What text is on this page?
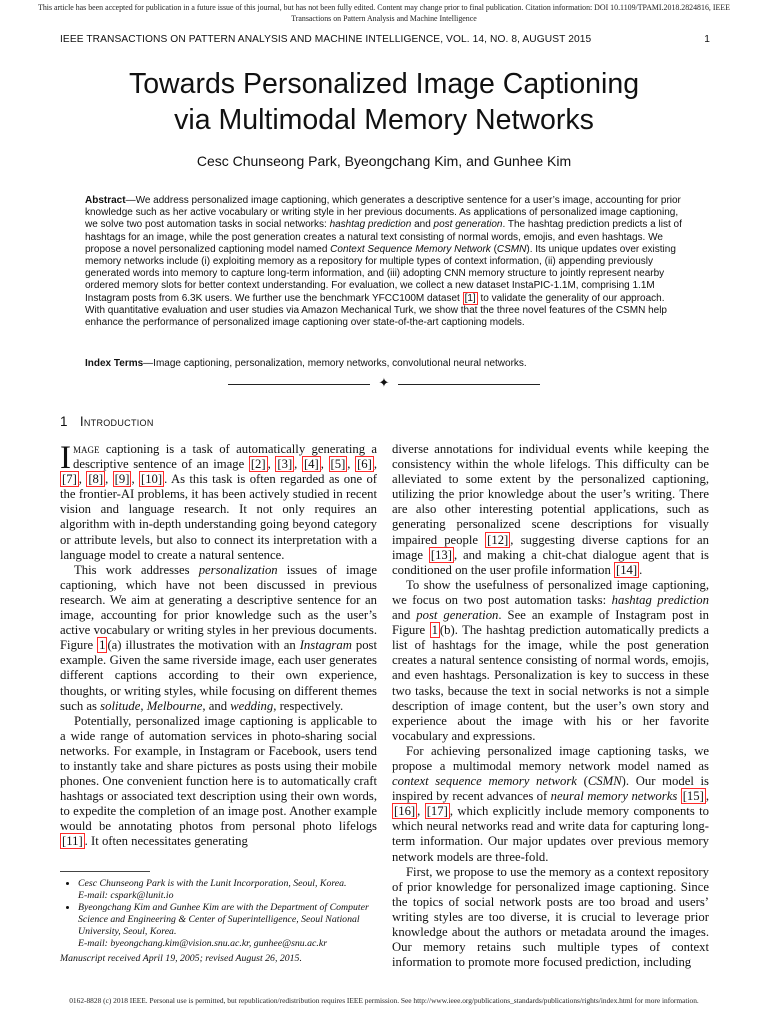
This article has been accepted for publication in a future issue of this journal, but has not been fully edited. Content may change prior to final publication. Citation information: DOI 10.1109/TPAMI.2018.2824816, IEEE
Transactions on Pattern Analysis and Machine Intelligence
IEEE TRANSACTIONS ON PATTERN ANALYSIS AND MACHINE INTELLIGENCE, VOL. 14, NO. 8, AUGUST 2015	1
Towards Personalized Image Captioning
via Multimodal Memory Networks
Cesc Chunseong Park, Byeongchang Kim, and Gunhee Kim
Abstract—We address personalized image captioning, which generates a descriptive sentence for a user’s image, accounting for prior knowledge such as her active vocabulary or writing style in her previous documents. As applications of personalized image captioning, we solve two post automation tasks in social networks: hashtag prediction and post generation. The hashtag prediction predicts a list of hashtags for an image, while the post generation creates a natural text consisting of normal words, emojis, and even hashtags. We propose a novel personalized captioning model named Context Sequence Memory Network (CSMN). Its unique updates over existing memory networks include (i) exploiting memory as a repository for multiple types of context information, (ii) appending previously generated words into memory to capture long-term information, and (iii) adopting CNN memory structure to jointly represent nearby ordered memory slots for better context understanding. For evaluation, we collect a new dataset InstaPIC-1.1M, comprising 1.1M Instagram posts from 6.3K users. We further use the benchmark YFCC100M dataset [1] to validate the generality of our approach. With quantitative evaluation and user studies via Amazon Mechanical Turk, we show that the three novel features of the CSMN help enhance the performance of personalized image captioning over state-of-the-art captioning models.
Index Terms—Image captioning, personalization, memory networks, convolutional neural networks.
✦
1 Introduction

Image captioning is a task of automatically generating a descriptive sentence of an image [2] , [3] , [4] , [5] , [6] , [7] , [8] , [9] , [10] . As this task is often regarded as one of the frontier-AI problems, it has been actively studied in recent vision and language research. It not only requires an algorithm with in-depth understanding going beyond category or attribute levels, but also to connect its interpretation with a language model to create a natural sentence.

This work addresses personalization issues of image captioning, which have not been discussed in previous research. We aim at generating a descriptive sentence for an image, accounting for prior knowledge such as the user’s active vocabulary or writing styles in her previous documents. Figure 1 (a) illustrates the motivation with an Instagram post example. Given the same riverside image, each user generates different captions according to their own experience, thoughts, or writing styles, while focusing on different themes such as solitude, Melbourne, and wedding, respectively.

Potentially, personalized image captioning is applicable to a wide range of automation services in photo-sharing social networks. For example, in Instagram or Facebook, users tend to instantly take and share pictures as posts using their mobile phones. One convenient function here is to automatically craft hashtags or associated text description using their own words, to expedite the completion of an image post. Another example would be annotating photos from personal photo lifelogs [11] . It often necessitates generating

diverse annotations for individual events while keeping the consistency within the whole lifelogs. This difficulty can be alleviated to some extent by the personalized captioning, utilizing the prior knowledge about the user’s writing. There are also other interesting potential applications, such as generating personalized scene descriptions for visually impaired people [12] , suggesting diverse captions for an image [13] , and making a chit-chat dialogue agent that is conditioned on the user profile information [14] .

To show the usefulness of personalized image captioning, we focus on two post automation tasks: hashtag prediction and post generation. See an example of Instagram post in Figure 1 (b). The hashtag prediction automatically predicts a list of hashtags for the image, while the post generation creates a natural sentence consisting of normal words, emojis, and even hashtags. Personalization is key to success in these two tasks, because the text in social networks is not a simple description of image content, but the user’s own story and experience about the image with his or her favorite vocabulary and expressions.

For achieving personalized image captioning tasks, we propose a multimodal memory network model named as context sequence memory network (CSMN). Our model is inspired by recent advances of neural memory networks [15] , [16] , [17] , which explicitly include memory components to which neural networks read and write data for capturing long-term information. Our major updates over previous memory network models are three-fold.

First, we propose to use the memory as a context repository of prior knowledge for personalized image captioning. Since the topics of social network posts are too broad and users’ writing styles are too diverse, it is crucial to leverage prior knowledge about the authors or metadata around the images. Our memory retains such multiple types of context information to promote more focused prediction, including

• Cesc Chunseong Park is with the Lunit Incorporation, Seoul, Korea.
E-mail: cspark@lunit.io
• Byeongchang Kim and Gunhee Kim are with the Department of Computer Science and Engineering & Center of Superintelligence, Seoul National University, Seoul, Korea.
E-mail: byeongchang.kim@vision.snu.ac.kr, gunhee@snu.ac.kr
Manuscript received April 19, 2005; revised August 26, 2015.
0162-8828 (c) 2018 IEEE. Personal use is permitted, but republication/redistribution requires IEEE permission. See http://www.ieee.org/publications_standards/publications/rights/index.html for more information.
